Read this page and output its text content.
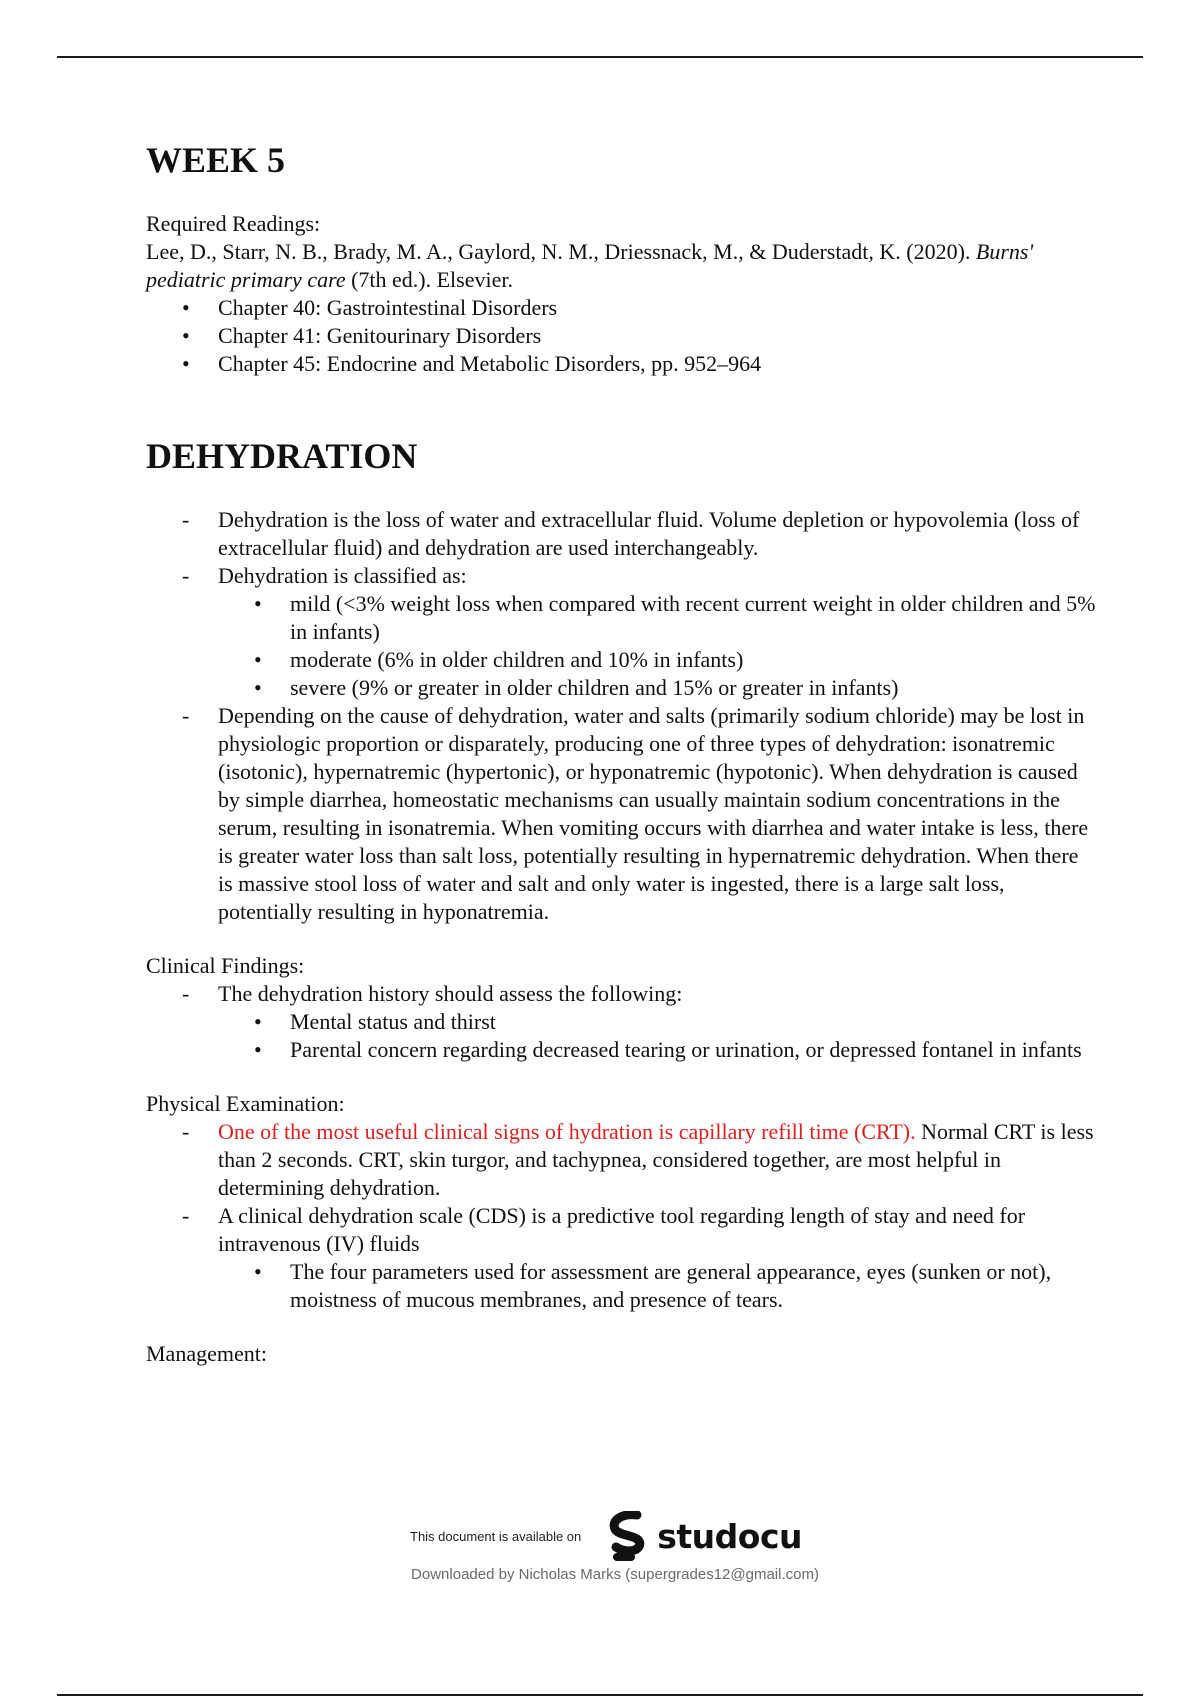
WEEK 5

Required Readings:

Lee, D., Starr, N. B., Brady, M. A., Gaylord, N. M., Driessnack, M., & Duderstadt, K. (2020). Burns' pediatric primary care (7th ed.). Elsevier.

• Chapter 40: Gastrointestinal Disorders
• Chapter 41: Genitourinary Disorders
• Chapter 45: Endocrine and Metabolic Disorders, pp. 952–964
DEHYDRATION
- Dehydration is the loss of water and extracellular fluid. Volume depletion or hypovolemia (loss of extracellular fluid) and dehydration are used interchangeably.
- Dehydration is classified as:
• mild (<3% weight loss when compared with recent current weight in older children and 5% in infants)
• moderate (6% in older children and 10% in infants)
• severe (9% or greater in older children and 15% or greater in infants)
- Depending on the cause of dehydration, water and salts (primarily sodium chloride) may be lost in physiologic proportion or disparately, producing one of three types of dehydration: isonatremic (isotonic), hypernatremic (hypertonic), or hyponatremic (hypotonic). When dehydration is caused by simple diarrhea, homeostatic mechanisms can usually maintain sodium concentrations in the serum, resulting in isonatremia. When vomiting occurs with diarrhea and water intake is less, there is greater water loss than salt loss, potentially resulting in hypernatremic dehydration. When there is massive stool loss of water and salt and only water is ingested, there is a large salt loss, potentially resulting in hyponatremia.

Clinical Findings:

- The dehydration history should assess the following:
• Mental status and thirst
• Parental concern regarding decreased tearing or urination, or depressed fontanel in infants

Physical Examination:

- One of the most useful clinical signs of hydration is capillary refill time (CRT). Normal CRT is less than 2 seconds. CRT, skin turgor, and tachypnea, considered together, are most helpful in determining dehydration.
- A clinical dehydration scale (CDS) is a predictive tool regarding length of stay and need for intravenous (IV) fluids
• The four parameters used for assessment are general appearance, eyes (sunken or not), moistness of mucous membranes, and presence of tears.

Management:

This document is available on studocu
Downloaded by Nicholas Marks (supergrades12@gmail.com)
